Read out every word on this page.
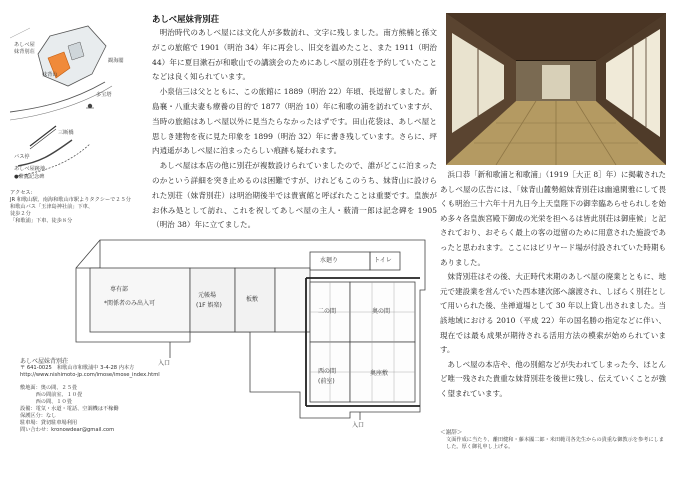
あしべ屋妹背別荘
あしべ屋
妹背別荘
妹背山
観海閣
多宝塔
三断橋
バス停
あしべ屋跡地
●紫鷹記念碑
アクセス:
JR 和歌山駅、南海和歌山市駅よりタクシーで２５分
和歌山バス「玉津島神社前」下車、
徒歩２分
「和歌浦」下車、徒歩８分

明治時代のあしべ屋には文化人が多数訪れ、文字に残しました。南方熊楠と孫文がこの旅館で 1901（明治 34）年に再会し、旧交を温めたこと、また 1911（明治 44）年に夏目漱石が和歌山での講演会のためにあしべ屋の別荘を予約していたことなどは良く知られています。

小泉信三は父とともに、この旅館に 1889（明治 22）年頃、長逗留しました。新島襄・八重夫妻も療養の目的で 1877（明治 10）年に和歌の浦を訪れていますが、当時の旅館はあしべ屋以外に見当たらなかったはずです。田山花袋は、あしべ屋と思しき建物を夜に見た印象を 1899（明治 32）年に書き残しています。さらに、坪内逍遥があしべ屋に泊まったらしい痕跡も疑われます。

あしべ屋は本店の他に別荘が複数設けられていましたので、誰がどこに泊まったのかという詳細を突き止めるのは困難ですが、けれどもこのうち、妹背山に設けられた別荘（妹背別荘）は明治期後半では貴賓館と呼ばれたことは重要です。皇族がお休み処として訪れ、これを祝してあしべ屋の主人・薮清一郎は記念碑を 1905（明治 38）年に立てました。

水廻り	トイレ
専有部
*関係者のみ出入可
元帳場
(1F 娯楽)
板敷
二の間	奥の間
西の間
(前室)
奥座敷
入口
入口
あしべ屋妹背別荘
〒 641-0025　和歌山市和歌浦中 3-4-28 内本方
http://www.nishimoto-jp.com/imose/imose_index.html
敷地面：奥の間、２５畳
　　　西の間前室、１０畳
　　　西の間、１０畳
設備：電気・水道・電話、空調機は不稼働
保護区分：なし
駐車場：貸切駐車場利用
問い合わせ：kronowdear@gmail.com

浜口恭「新和歌浦と和歌浦」（1919［大正 8］年）に掲載されたあしべ屋の広告には、「妹背山麓勢館妹背別荘は幽遠閑雅にして畏くも明治三十六年十月九日今上天皇陛下の御幸臨あらせられしを始め多々各皇族宮殿下御成の光栄を担へるは皆此別荘は御座候」と記されており、おそらく最上の客の逗留のために用意された施設であったと思われます。ここにはビリヤード場が付設されていた時期もありました。

妹背別荘はその後、大正時代末期のあしべ屋の廃業とともに、地元で建設業を営んでいた西本建次郎へ譲渡され、しばらく別荘として用いられた後、坐禅道場として 30 年以上貸し出されました。当該地域における 2010（平成 22）年の国名勝の指定などに伴い、現在では最も成果が期待される活用方法の模索が始められています。

あしべ屋の本店や、他の別館などが失われてしまった今、ほとんど唯一残された貴重な妹背別荘を後世に残し、伝えていくことが強く望まれています。

＜謝辞＞
文面作成に当たり、離田健和・藤本國二郎・米田範司各先生からの貴重な御教示を参考にしました。厚く御礼申し上げる。
